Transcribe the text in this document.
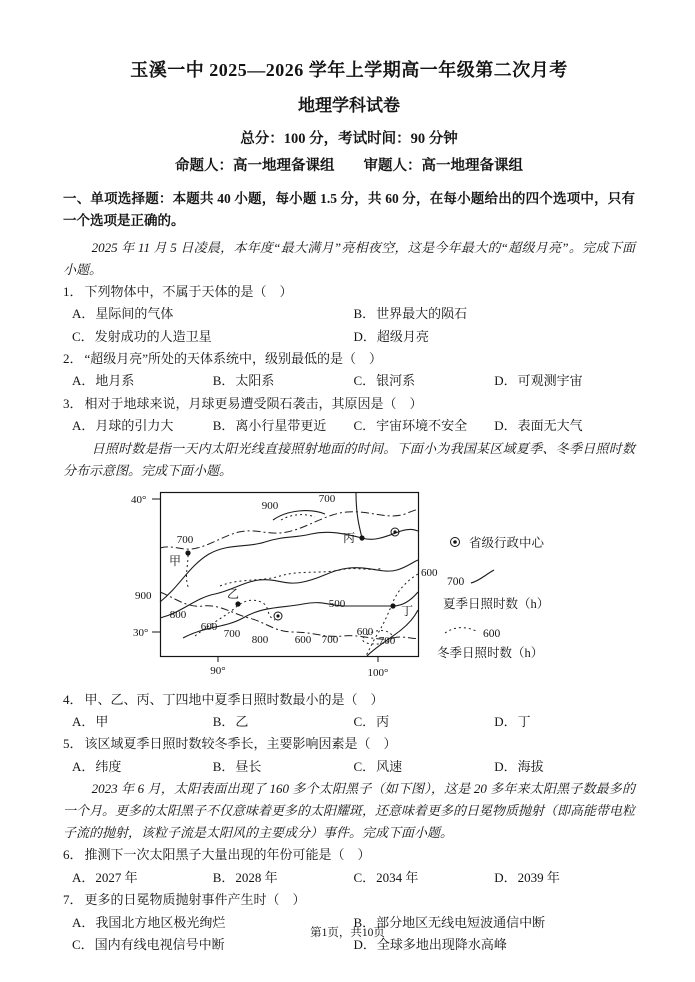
玉溪一中 2025—2026 学年上学期高一年级第二次月考
地理学科试卷
总分：100 分，考试时间：90 分钟
命题人：高一地理备课组　　审题人：高一地理备课组
一、单项选择题：本题共 40 小题，每小题 1.5 分，共 60 分，在每小题给出的四个选项中，只有一个选项是正确的。

2025 年 11 月 5 日凌晨，本年度“最大满月”亮相夜空，这是今年最大的“超级月亮”。完成下面小题。

1． 下列物体中，不属于天体的是（　）
A．星际间的气体	B．世界最大的陨石
C．发射成功的人造卫星	D．超级月亮
2． “超级月亮”所处的天体系统中，级别最低的是（　）
A．地月系	B．太阳系	C．银河系	D．可观测宇宙
3． 相对于地球来说，月球更易遭受陨石袭击，其原因是（　）
A．月球的引力大	B．离小行星带更近	C．宇宙环境不安全	D．表面无大气

日照时数是指一天内太阳光线直接照射地面的时间。下面小为我国某区域夏季、冬季日照时数分布示意图。完成下面小题。

40°
30°
90°	100°
900
600
甲
乙
丙
丁
900
700
700
800
600
700 800 600 700
500
600
700
省级行政中心
700
夏季日照时数（h）
600
冬季日照时数（h）
4． 甲、乙、丙、丁四地中夏季日照时数最小的是（　）
A．甲	B．乙	C．丙	D．丁
5． 该区域夏季日照时数较冬季长，主要影响因素是（　）
A．纬度	B．昼长	C．风速	D．海拔

2023 年 6 月，太阳表面出现了 160 多个太阳黑子（如下图），这是 20 多年来太阳黑子数最多的一个月。更多的太阳黑子不仅意味着更多的太阳耀斑，还意味着更多的日冕物质抛射（即高能带电粒子流的抛射，该粒子流是太阳风的主要成分）事件。完成下面小题。

6． 推测下一次太阳黑子大量出现的年份可能是（　）
A．2027 年	B．2028 年	C．2034 年	D．2039 年
7． 更多的日冕物质抛射事件产生时（　）
A．我国北方地区极光绚烂	B．部分地区无线电短波通信中断
C．国内有线电视信号中断	D．全球多地出现降水高峰
第1页，共10页
